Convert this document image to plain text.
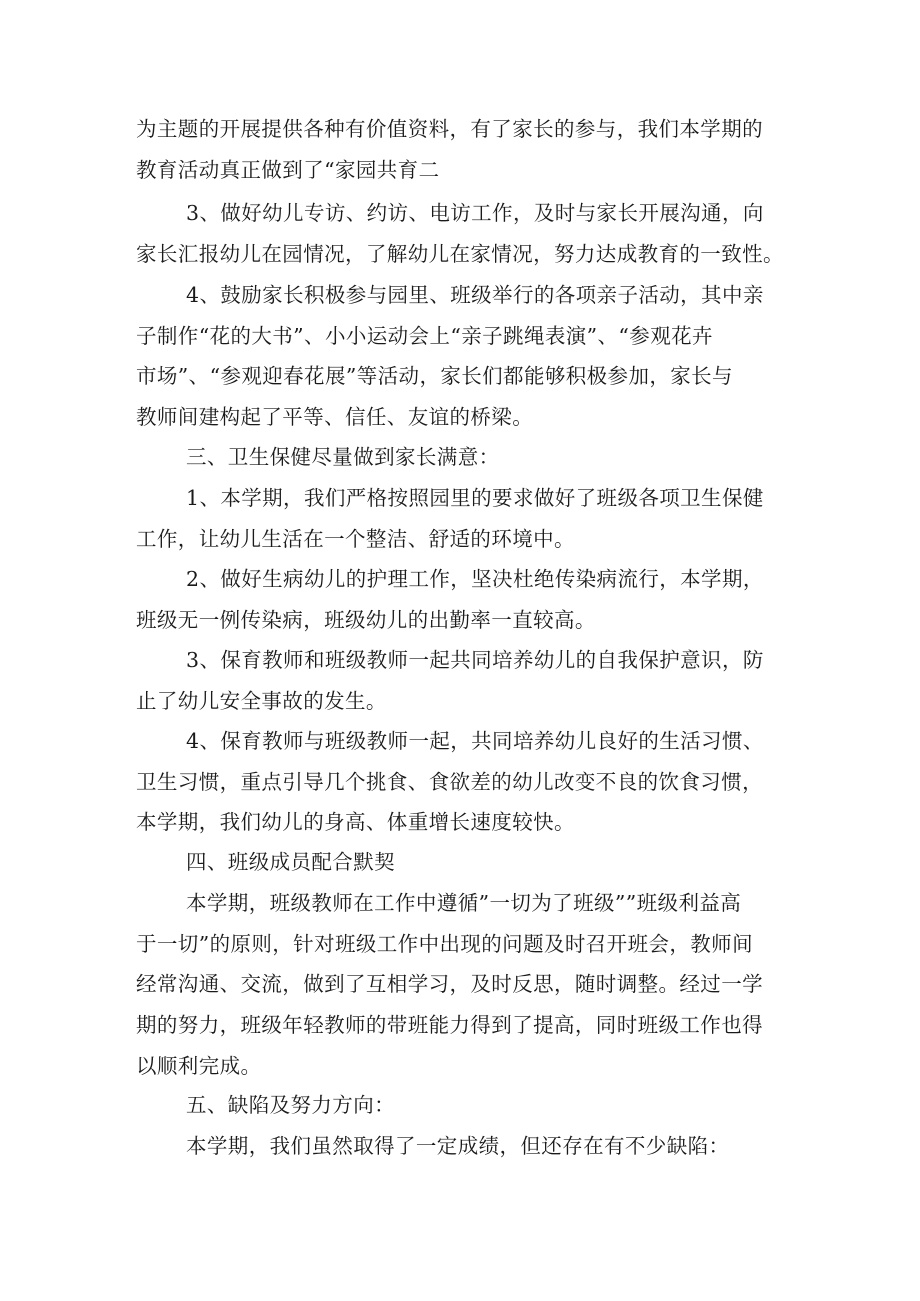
为主题的开展提供各种有价值资料，有了家长的参与，我们本学期的
教育活动真正做到了“家园共育二

3、做好幼儿专访、约访、电访工作，及时与家长开展沟通，向
家长汇报幼儿在园情况，了解幼儿在家情况，努力达成教育的一致性。

4、鼓励家长积极参与园里、班级举行的各项亲子活动，其中亲
子制作“花的大书”、小小运动会上“亲子跳绳表演”、“参观花卉
市场”、“参观迎春花展”等活动，家长们都能够积极参加，家长与
教师间建构起了平等、信任、友谊的桥梁。

三、卫生保健尽量做到家长满意：

1、本学期，我们严格按照园里的要求做好了班级各项卫生保健
工作，让幼儿生活在一个整洁、舒适的环境中。

2、做好生病幼儿的护理工作，坚决杜绝传染病流行，本学期，
班级无一例传染病，班级幼儿的出勤率一直较高。

3、保育教师和班级教师一起共同培养幼儿的自我保护意识，防
止了幼儿安全事故的发生。

4、保育教师与班级教师一起，共同培养幼儿良好的生活习惯、
卫生习惯，重点引导几个挑食、食欲差的幼儿改变不良的饮食习惯，
本学期，我们幼儿的身高、体重增长速度较快。

四、班级成员配合默契

本学期，班级教师在工作中遵循”一切为了班级””班级利益高
于一切”的原则，针对班级工作中出现的问题及时召开班会，教师间
经常沟通、交流，做到了互相学习，及时反思，随时调整。经过一学
期的努力，班级年轻教师的带班能力得到了提高，同时班级工作也得
以顺利完成。

五、缺陷及努力方向：

本学期，我们虽然取得了一定成绩，但还存在有不少缺陷：
